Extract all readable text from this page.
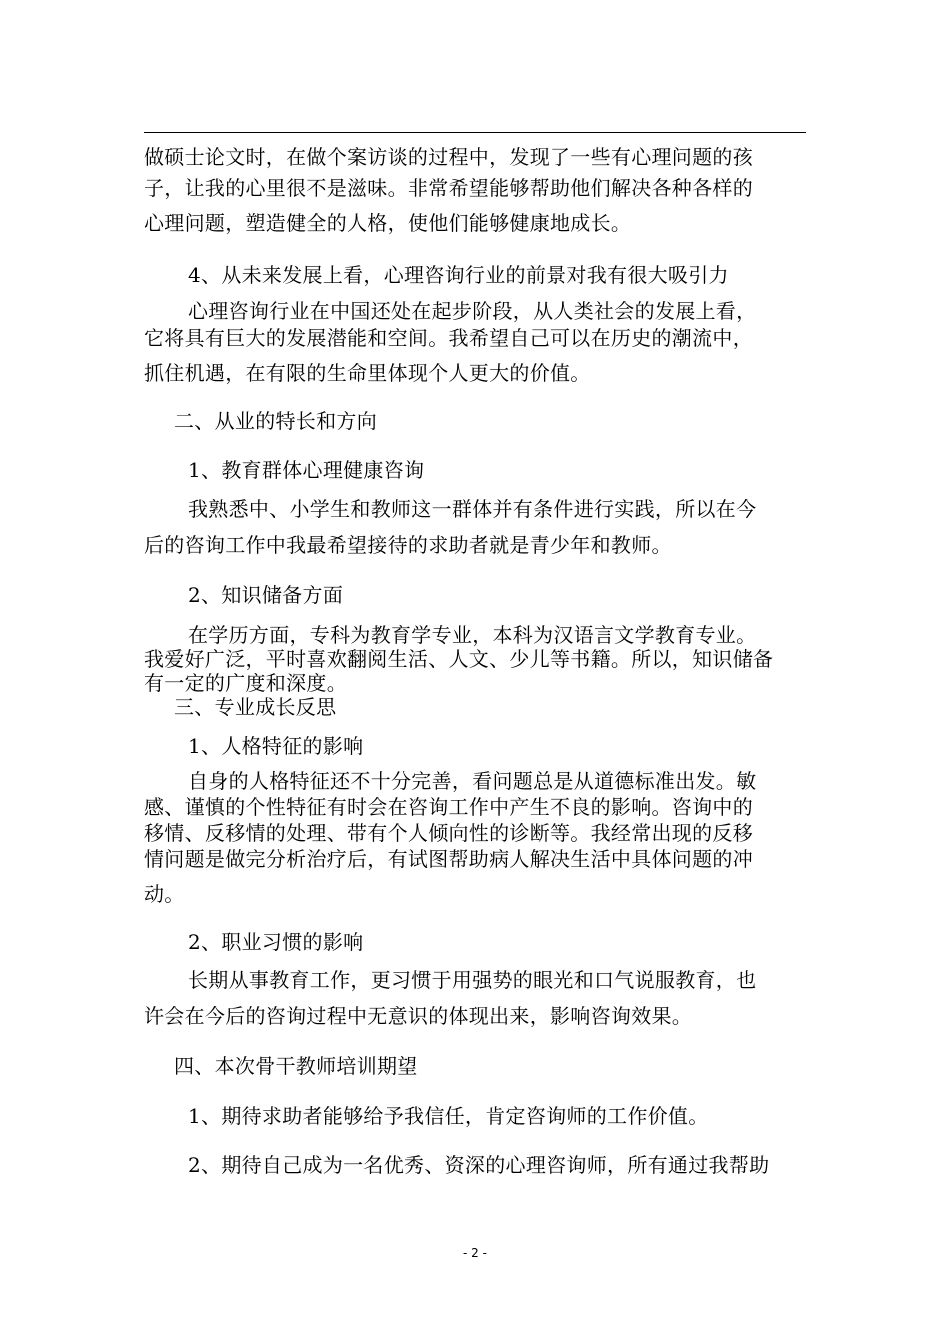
做硕士论文时，在做个案访谈的过程中，发现了一些有心理问题的孩

子，让我的心里很不是滋味。非常希望能够帮助他们解决各种各样的

心理问题，塑造健全的人格，使他们能够健康地成长。

4、从未来发展上看，心理咨询行业的前景对我有很大吸引力

心理咨询行业在中国还处在起步阶段，从人类社会的发展上看，

它将具有巨大的发展潜能和空间。我希望自己可以在历史的潮流中，

抓住机遇，在有限的生命里体现个人更大的价值。

二、从业的特长和方向

1、教育群体心理健康咨询

我熟悉中、小学生和教师这一群体并有条件进行实践，所以在今

后的咨询工作中我最希望接待的求助者就是青少年和教师。

2、知识储备方面

在学历方面，专科为教育学专业，本科为汉语言文学教育专业。

我爱好广泛，平时喜欢翻阅生活、人文、少儿等书籍。所以，知识储备

有一定的广度和深度。

三、专业成长反思

1、人格特征的影响

自身的人格特征还不十分完善，看问题总是从道德标准出发。敏

感、谨慎的个性特征有时会在咨询工作中产生不良的影响。咨询中的

移情、反移情的处理、带有个人倾向性的诊断等。我经常出现的反移

情问题是做完分析治疗后，有试图帮助病人解决生活中具体问题的冲

动。

2、职业习惯的影响

长期从事教育工作，更习惯于用强势的眼光和口气说服教育，也

许会在今后的咨询过程中无意识的体现出来，影响咨询效果。

四、本次骨干教师培训期望

1、期待求助者能够给予我信任，肯定咨询师的工作价值。

2、期待自己成为一名优秀、资深的心理咨询师，所有通过我帮助

- 2 -
